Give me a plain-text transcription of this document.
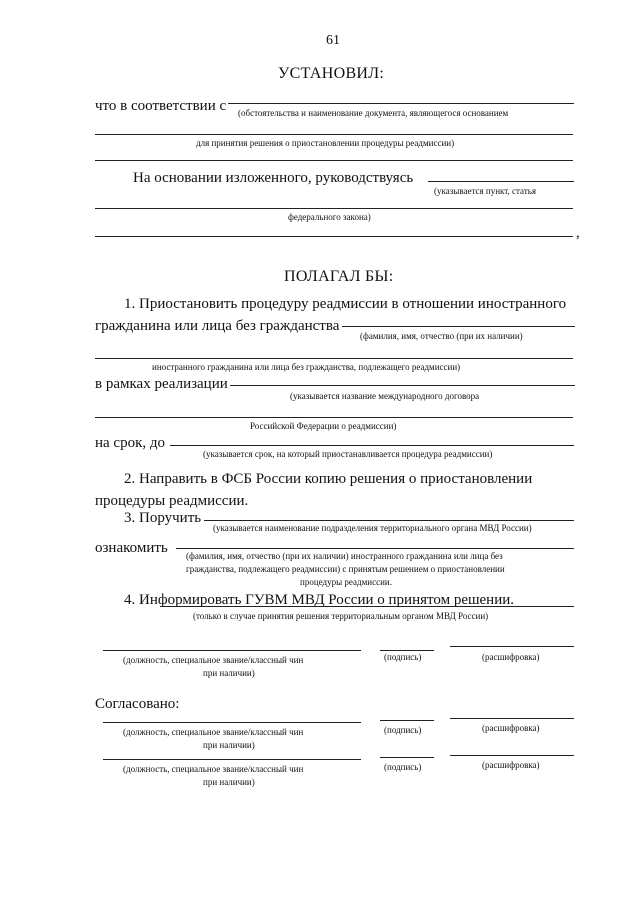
61
УСТАНОВИЛ:
что в соответствии с (обстоятельства и наименование документа, являющегося основанием
для принятия решения о приостановлении процедуры реадмиссии)
На основании изложенного, руководствуясь
(указывается пункт, статья
федерального закона)
,
ПОЛАГАЛ БЫ:
1. Приостановить процедуру реадмиссии в отношении иностранного
гражданина или лица без гражданства
(фамилия, имя, отчество (при их наличии)
иностранного гражданина или лица без гражданства, подлежащего реадмиссии)
в рамках реализации
(указывается название международного договора
Российской Федерации о реадмиссии)
на срок, до
(указывается срок, на который приостанавливается процедура реадмиссии)
2. Направить в ФСБ России копию решения о приостановлении
процедуры реадмиссии.
3. Поручить
(указывается наименование подразделения территориального органа МВД России)
ознакомить (фамилия, имя, отчество (при их наличии) иностранного гражданина или лица без
гражданства, подлежащего реадмиссии) с принятым решением о приостановлении
процедуры реадмиссии.
4. Информировать ГУВМ МВД России о принятом решении.
(только в случае принятия решения территориальным органом МВД России)
(должность, специальное звание/классный чин	(подпись)	(расшифровка)
при наличии)
Согласовано:
(должность, специальное звание/классный чин	(подпись)	(расшифровка)
при наличии)
(должность, специальное звание/классный чин	(подпись)	(расшифровка)
при наличии)
